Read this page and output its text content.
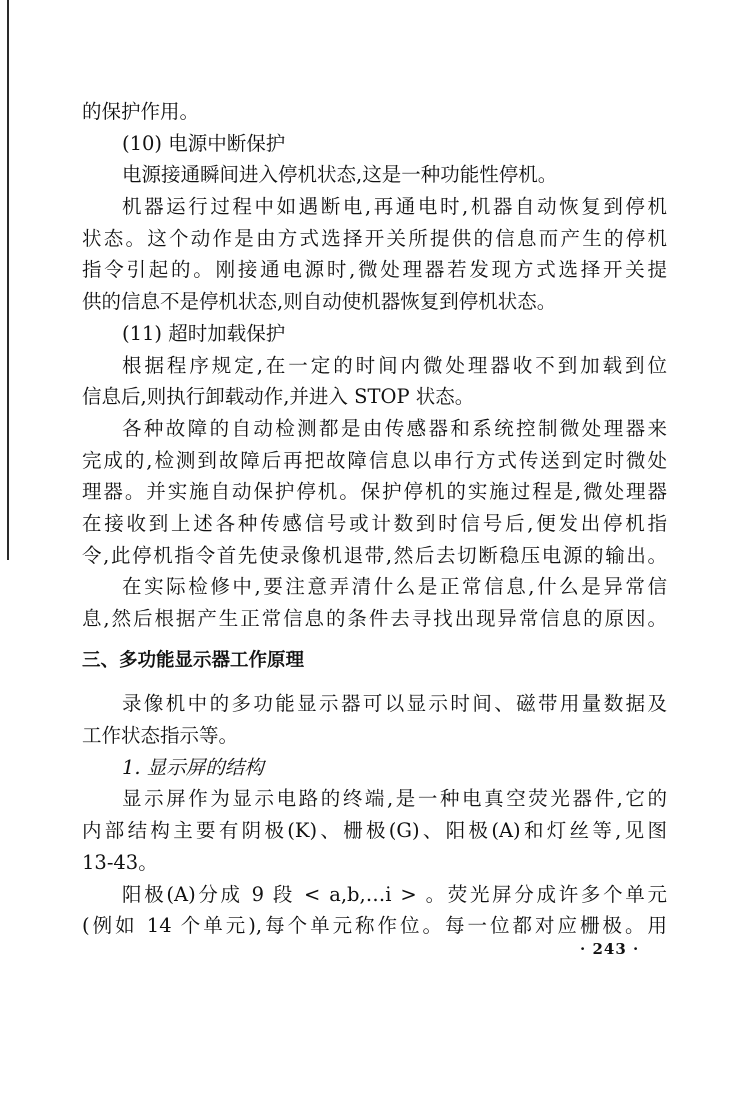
的保护作用。
(10) 电源中断保护
电源接通瞬间进入停机状态,这是一种功能性停机。
机器运行过程中如遇断电,再通电时,机器自动恢复到停机
状态。这个动作是由方式选择开关所提供的信息而产生的停机
指令引起的。刚接通电源时,微处理器若发现方式选择开关提
供的信息不是停机状态,则自动使机器恢复到停机状态。
(11) 超时加载保护
根据程序规定,在一定的时间内微处理器收不到加载到位
信息后,则执行卸载动作,并进入 STOP 状态。
各种故障的自动检测都是由传感器和系统控制微处理器来
完成的,检测到故障后再把故障信息以串行方式传送到定时微处
理器。并实施自动保护停机。保护停机的实施过程是,微处理器
在接收到上述各种传感信号或计数到时信号后,便发出停机指
令,此停机指令首先使录像机退带,然后去切断稳压电源的输出。
在实际检修中,要注意弄清什么是正常信息,什么是异常信
息,然后根据产生正常信息的条件去寻找出现异常信息的原因。
三、多功能显示器工作原理
录像机中的多功能显示器可以显示时间、磁带用量数据及
工作状态指示等。
1. 显示屏的结构
显示屏作为显示电路的终端,是一种电真空荧光器件,它的
内部结构主要有阴极(K)、栅极(G)、阳极(A)和灯丝等,见图
13-43。
阳极(A)分成 9 段 < a,b,…i > 。荧光屏分成许多个单元
(例如 14 个单元),每个单元称作位。每一位都对应栅极。用
· 243 ·
